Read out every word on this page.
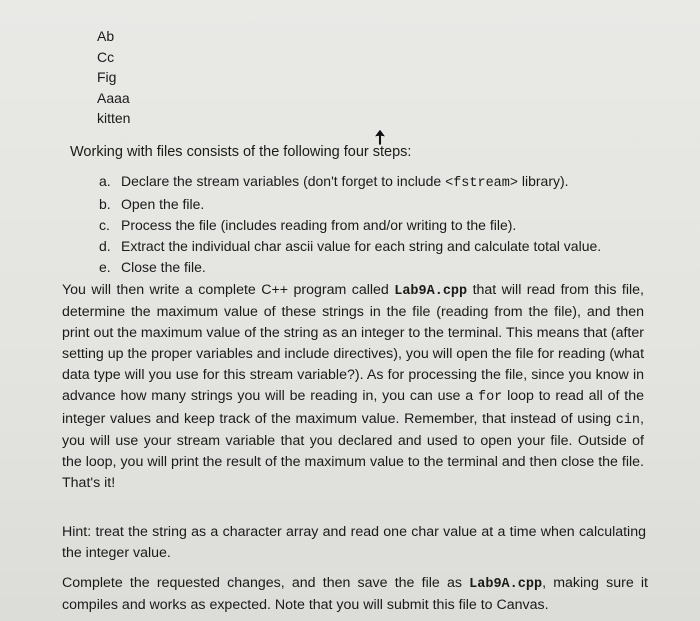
Ab
Cc
Fig
Aaaa
kitten
Working with files consists of the following four steps:
a. Declare the stream variables (don't forget to include <fstream> library).
b. Open the file.
c. Process the file (includes reading from and/or writing to the file).
d. Extract the individual char ascii value for each string and calculate total value.
e. Close the file.
You will then write a complete C++ program called Lab9A.cpp that will read from this file, determine the maximum value of these strings in the file (reading from the file), and then print out the maximum value of the string as an integer to the terminal. This means that (after setting up the proper variables and include directives), you will open the file for reading (what data type will you use for this stream variable?). As for processing the file, since you know in advance how many strings you will be reading in, you can use a for loop to read all of the integer values and keep track of the maximum value. Remember, that instead of using cin, you will use your stream variable that you declared and used to open your file. Outside of the loop, you will print the result of the maximum value to the terminal and then close the file. That's it!
Hint: treat the string as a character array and read one char value at a time when calculating the integer value.
Complete the requested changes, and then save the file as Lab9A.cpp, making sure it compiles and works as expected. Note that you will submit this file to Canvas.
